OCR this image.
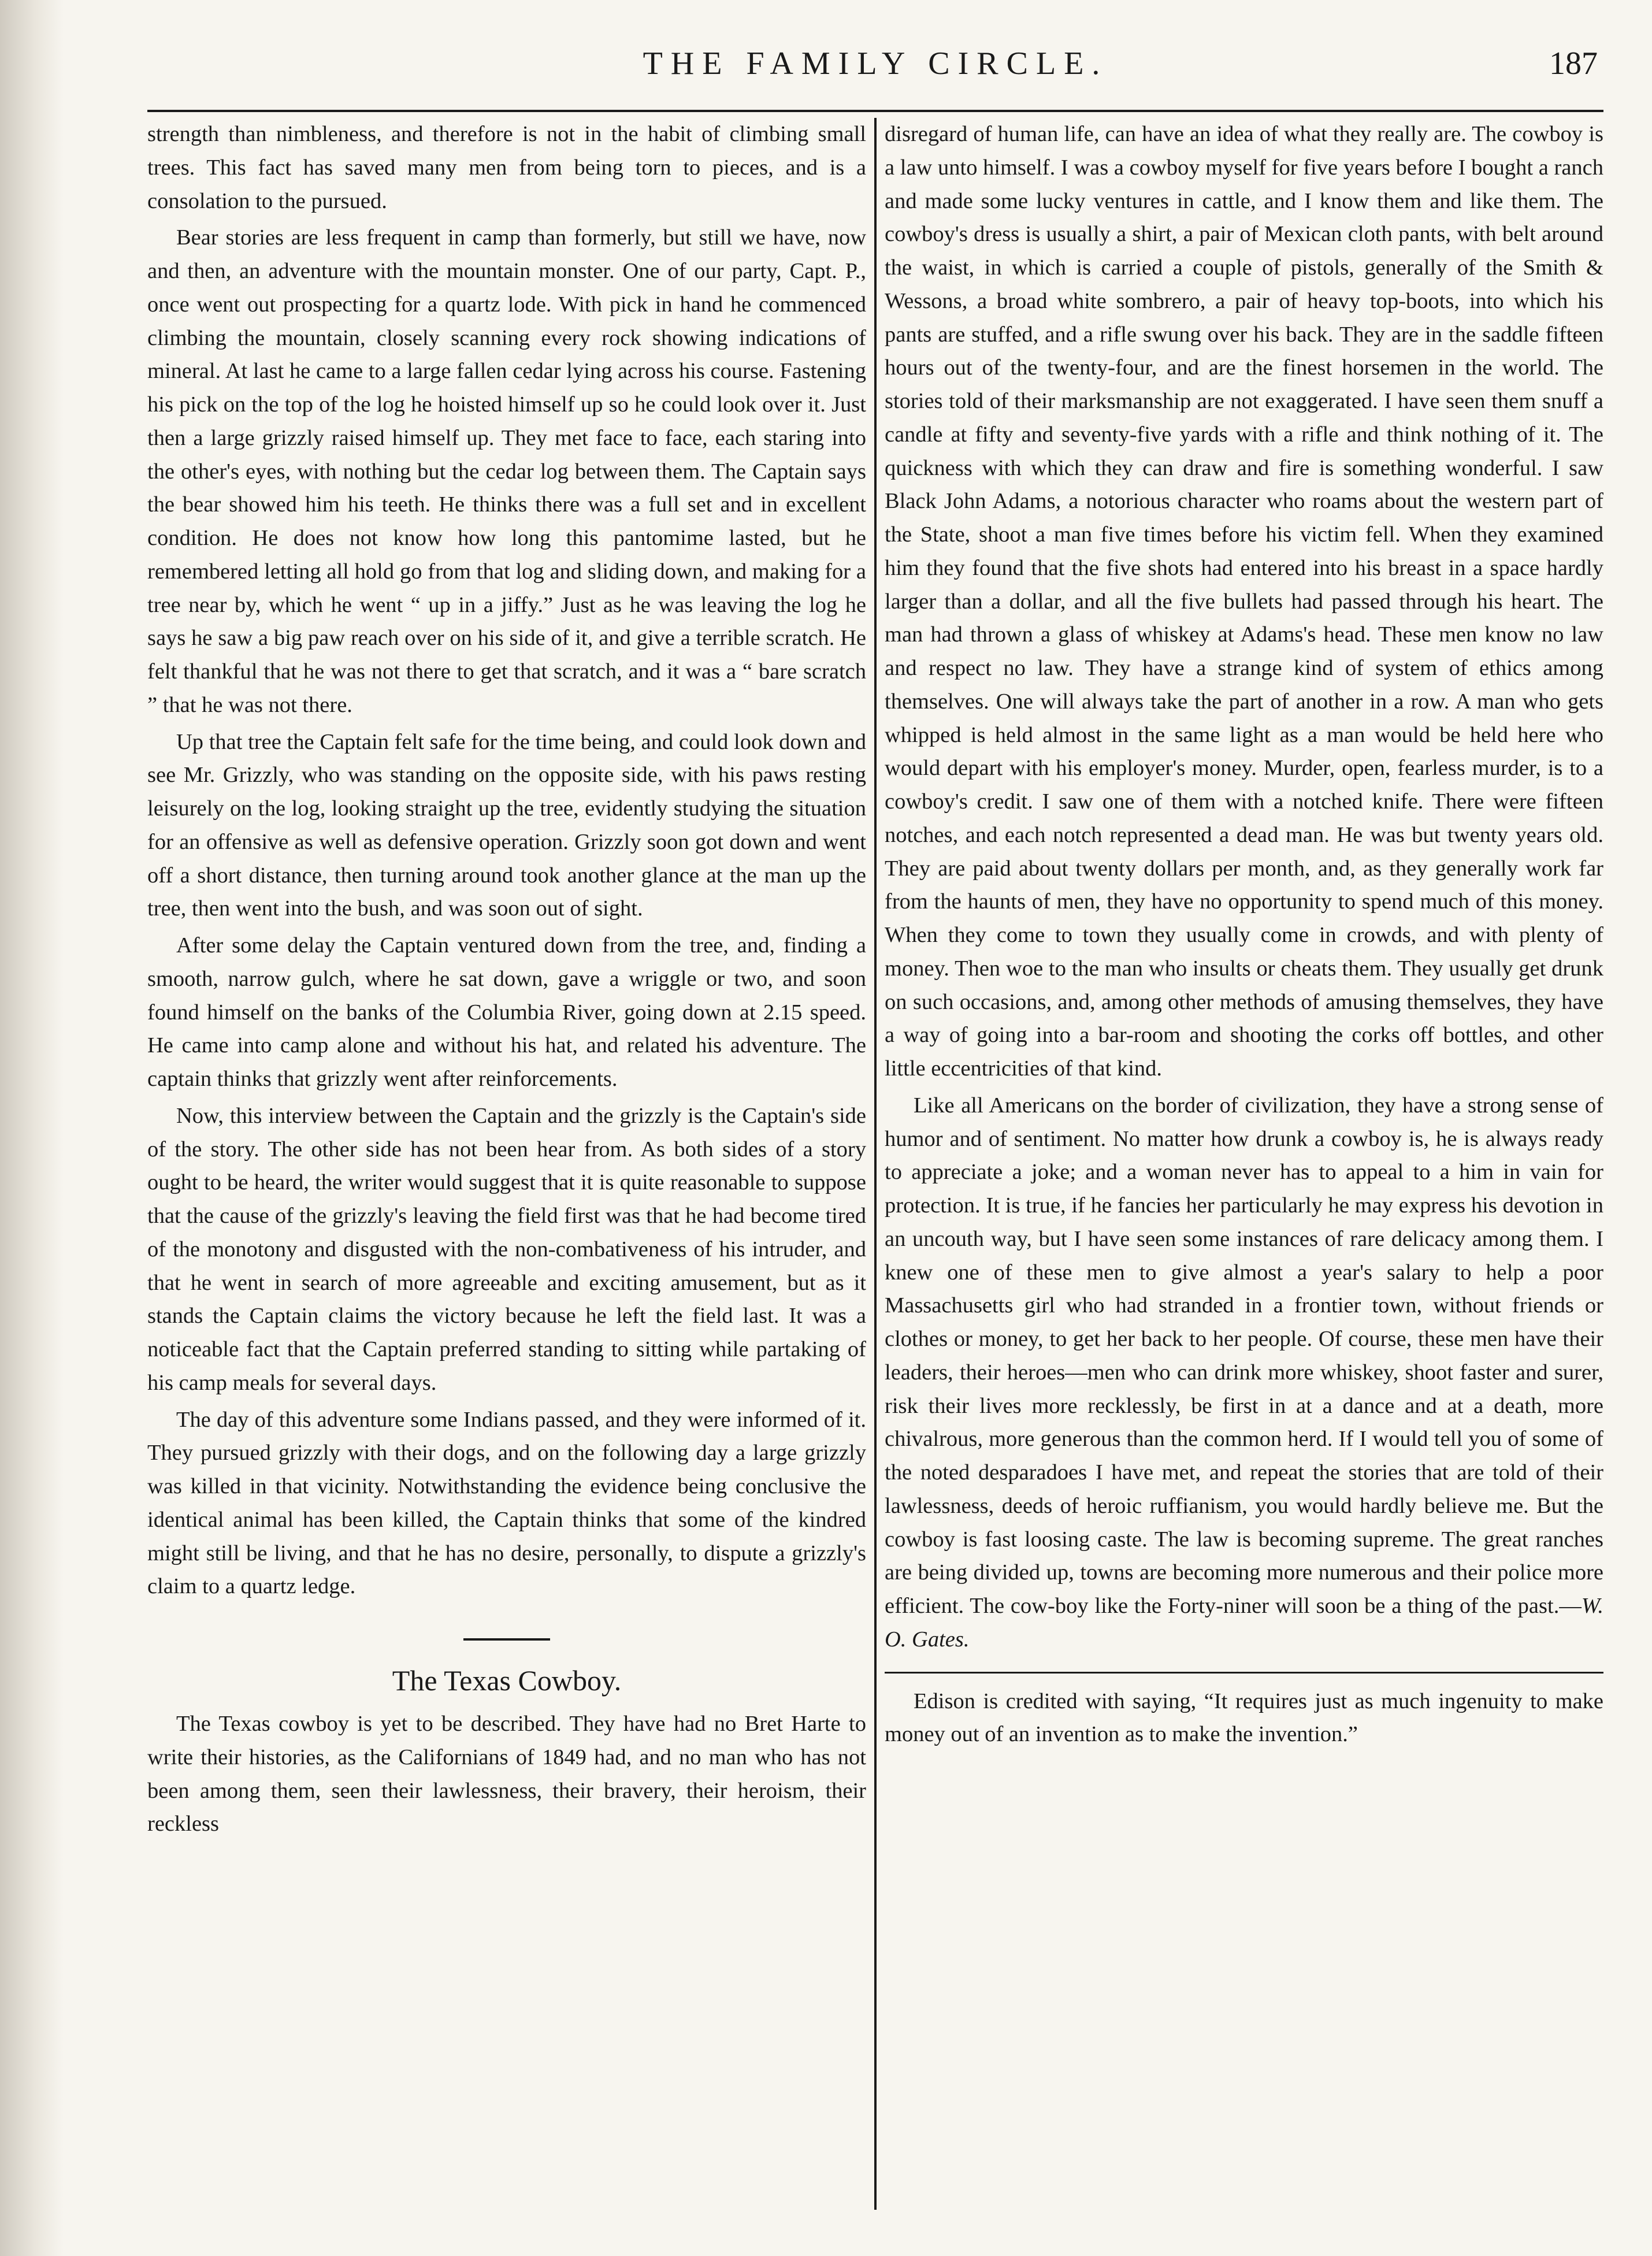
THE FAMILY CIRCLE.	187

strength than nimbleness, and therefore is not in the habit of climbing small trees. This fact has saved many men from being torn to pieces, and is a consolation to the pursued.

Bear stories are less frequent in camp than formerly, but still we have, now and then, an adventure with the mountain monster. One of our party, Capt. P., once went out prospecting for a quartz lode. With pick in hand he commenced climbing the mountain, closely scanning every rock showing indications of mineral. At last he came to a large fallen cedar lying across his course. Fastening his pick on the top of the log he hoisted himself up so he could look over it. Just then a large grizzly raised himself up. They met face to face, each staring into the other's eyes, with nothing but the cedar log between them. The Captain says the bear showed him his teeth. He thinks there was a full set and in excellent condition. He does not know how long this pantomime lasted, but he remembered letting all hold go from that log and sliding down, and making for a tree near by, which he went “ up in a jiffy.” Just as he was leaving the log he says he saw a big paw reach over on his side of it, and give a terrible scratch. He felt thankful that he was not there to get that scratch, and it was a “ bare scratch ” that he was not there.

Up that tree the Captain felt safe for the time being, and could look down and see Mr. Grizzly, who was standing on the opposite side, with his paws resting leisurely on the log, looking straight up the tree, evidently studying the situation for an offensive as well as defensive operation. Grizzly soon got down and went off a short distance, then turning around took another glance at the man up the tree, then went into the bush, and was soon out of sight.

After some delay the Captain ventured down from the tree, and, finding a smooth, narrow gulch, where he sat down, gave a wriggle or two, and soon found himself on the banks of the Columbia River, going down at 2.15 speed. He came into camp alone and without his hat, and related his adventure. The captain thinks that grizzly went after reinforcements.

Now, this interview between the Captain and the grizzly is the Captain's side of the story. The other side has not been hear from. As both sides of a story ought to be heard, the writer would suggest that it is quite reasonable to suppose that the cause of the grizzly's leaving the field first was that he had become tired of the monotony and disgusted with the non-combativeness of his intruder, and that he went in search of more agreeable and exciting amusement, but as it stands the Captain claims the victory because he left the field last. It was a noticeable fact that the Captain preferred standing to sitting while partaking of his camp meals for several days.

The day of this adventure some Indians passed, and they were informed of it. They pursued grizzly with their dogs, and on the following day a large grizzly was killed in that vicinity. Notwithstanding the evidence being conclusive the identical animal has been killed, the Captain thinks that some of the kindred might still be living, and that he has no desire, personally, to dispute a grizzly's claim to a quartz ledge.

The Texas Cowboy.

The Texas cowboy is yet to be described. They have had no Bret Harte to write their histories, as the Californians of 1849 had, and no man who has not been among them, seen their lawlessness, their bravery, their heroism, their reckless

disregard of human life, can have an idea of what they really are. The cowboy is a law unto himself. I was a cowboy myself for five years before I bought a ranch and made some lucky ventures in cattle, and I know them and like them. The cowboy's dress is usually a shirt, a pair of Mexican cloth pants, with belt around the waist, in which is carried a couple of pistols, generally of the Smith & Wessons, a broad white sombrero, a pair of heavy top-boots, into which his pants are stuffed, and a rifle swung over his back. They are in the saddle fifteen hours out of the twenty-four, and are the finest horsemen in the world. The stories told of their marksmanship are not exaggerated. I have seen them snuff a candle at fifty and seventy-five yards with a rifle and think nothing of it. The quickness with which they can draw and fire is something wonderful. I saw Black John Adams, a notorious character who roams about the western part of the State, shoot a man five times before his victim fell. When they examined him they found that the five shots had entered into his breast in a space hardly larger than a dollar, and all the five bullets had passed through his heart. The man had thrown a glass of whiskey at Adams's head. These men know no law and respect no law. They have a strange kind of system of ethics among themselves. One will always take the part of another in a row. A man who gets whipped is held almost in the same light as a man would be held here who would depart with his employer's money. Murder, open, fearless murder, is to a cowboy's credit. I saw one of them with a notched knife. There were fifteen notches, and each notch represented a dead man. He was but twenty years old. They are paid about twenty dollars per month, and, as they generally work far from the haunts of men, they have no opportunity to spend much of this money. When they come to town they usually come in crowds, and with plenty of money. Then woe to the man who insults or cheats them. They usually get drunk on such occasions, and, among other methods of amusing themselves, they have a way of going into a bar-room and shooting the corks off bottles, and other little eccentricities of that kind.

Like all Americans on the border of civilization, they have a strong sense of humor and of sentiment. No matter how drunk a cowboy is, he is always ready to appreciate a joke; and a woman never has to appeal to a him in vain for protection. It is true, if he fancies her particularly he may express his devotion in an uncouth way, but I have seen some instances of rare delicacy among them. I knew one of these men to give almost a year's salary to help a poor Massachusetts girl who had stranded in a frontier town, without friends or clothes or money, to get her back to her people. Of course, these men have their leaders, their heroes—men who can drink more whiskey, shoot faster and surer, risk their lives more recklessly, be first in at a dance and at a death, more chivalrous, more generous than the common herd. If I would tell you of some of the noted desparadoes I have met, and repeat the stories that are told of their lawlessness, deeds of heroic ruffianism, you would hardly believe me. But the cowboy is fast loosing caste. The law is becoming supreme. The great ranches are being divided up, towns are becoming more numerous and their police more efficient. The cow-boy like the Forty-niner will soon be a thing of the past.—W. O. Gates.

Edison is credited with saying, “It requires just as much ingenuity to make money out of an invention as to make the invention.”
